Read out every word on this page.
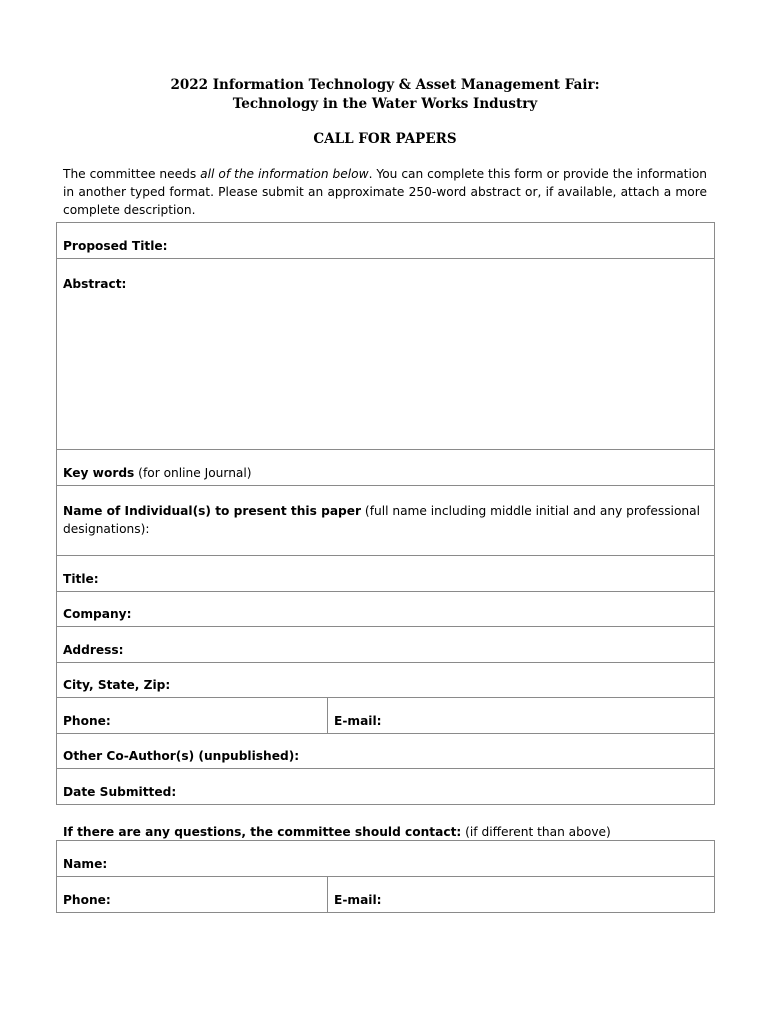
2022 Information Technology & Asset Management Fair:
Technology in the Water Works Industry
CALL FOR PAPERS
The committee needs all of the information below. You can complete this form or provide the information in another typed format. Please submit an approximate 250-word abstract or, if available, attach a more complete description.
Proposed Title:
Abstract:
Key words (for online Journal)
Name of Individual(s) to present this paper (full name including middle initial and any professional designations):
Title:
Company:
Address:
City, State, Zip:
Phone:	E-mail:
Other Co-Author(s) (unpublished):
Date Submitted:
If there are any questions, the committee should contact: (if different than above)
Name:
Phone:	E-mail:
